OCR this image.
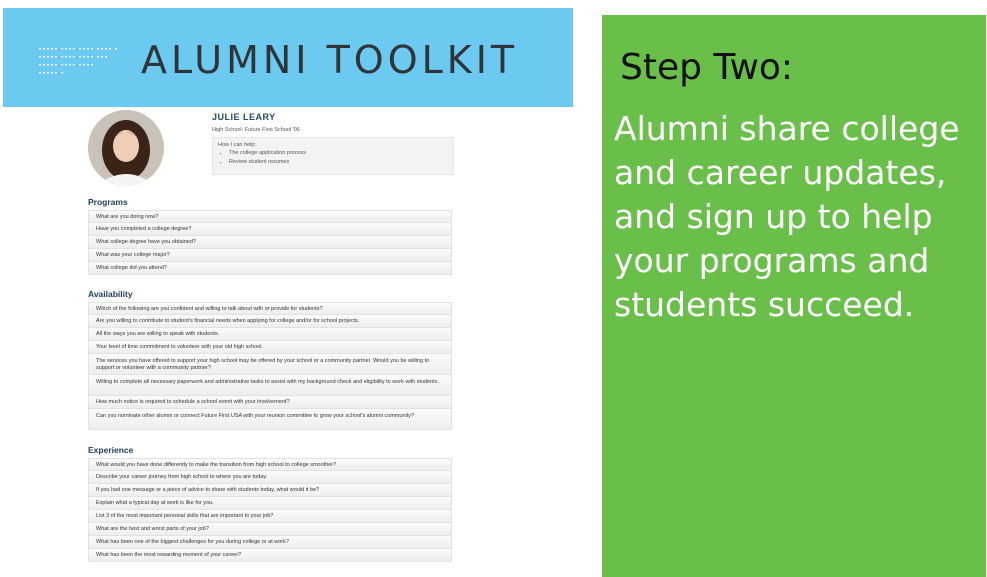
ALUMNI TOOLKIT
JULIE LEARY
High School: Future First School '06
How I can help:
• The college application process
• Review student resumes
Programs
What are you doing now?
Have you completed a college degree?
What college degree have you obtained?
What was your college major?
What college did you attend?
Availability
Which of the following are you confident and willing to talk about with or provide for students?
Are you willing to contribute to student's financial needs when applying for college and/or for school projects.
All the ways you are willing to speak with students.
Your level of time commitment to volunteer with your old high school.
The services you have offered to support your high school may be offered by your school or a community partner. Would you be willing to support or volunteer with a community partner?
Willing to complete all necessary paperwork and administrative tasks to assist with my background check and eligibility to work with students.
How much notice is required to schedule a school event with your involvement?
Can you nominate other alumni or connect Future First USA with your reunion committee to grow your school's alumni community?
Experience
What would you have done differently to make the transition from high school to college smoother?
Describe your career journey from high school to where you are today.
If you had one message or a piece of advice to share with students today, what would it be?
Explain what a typical day at work is like for you.
List 3 of the most important personal skills that are important to your job?
What are the best and worst parts of your job?
What has been one of the biggest challenges for you during college or at work?
What has been the most rewarding moment of your career?
Step Two:
Alumni share college and career updates, and sign up to help your programs and students succeed.
